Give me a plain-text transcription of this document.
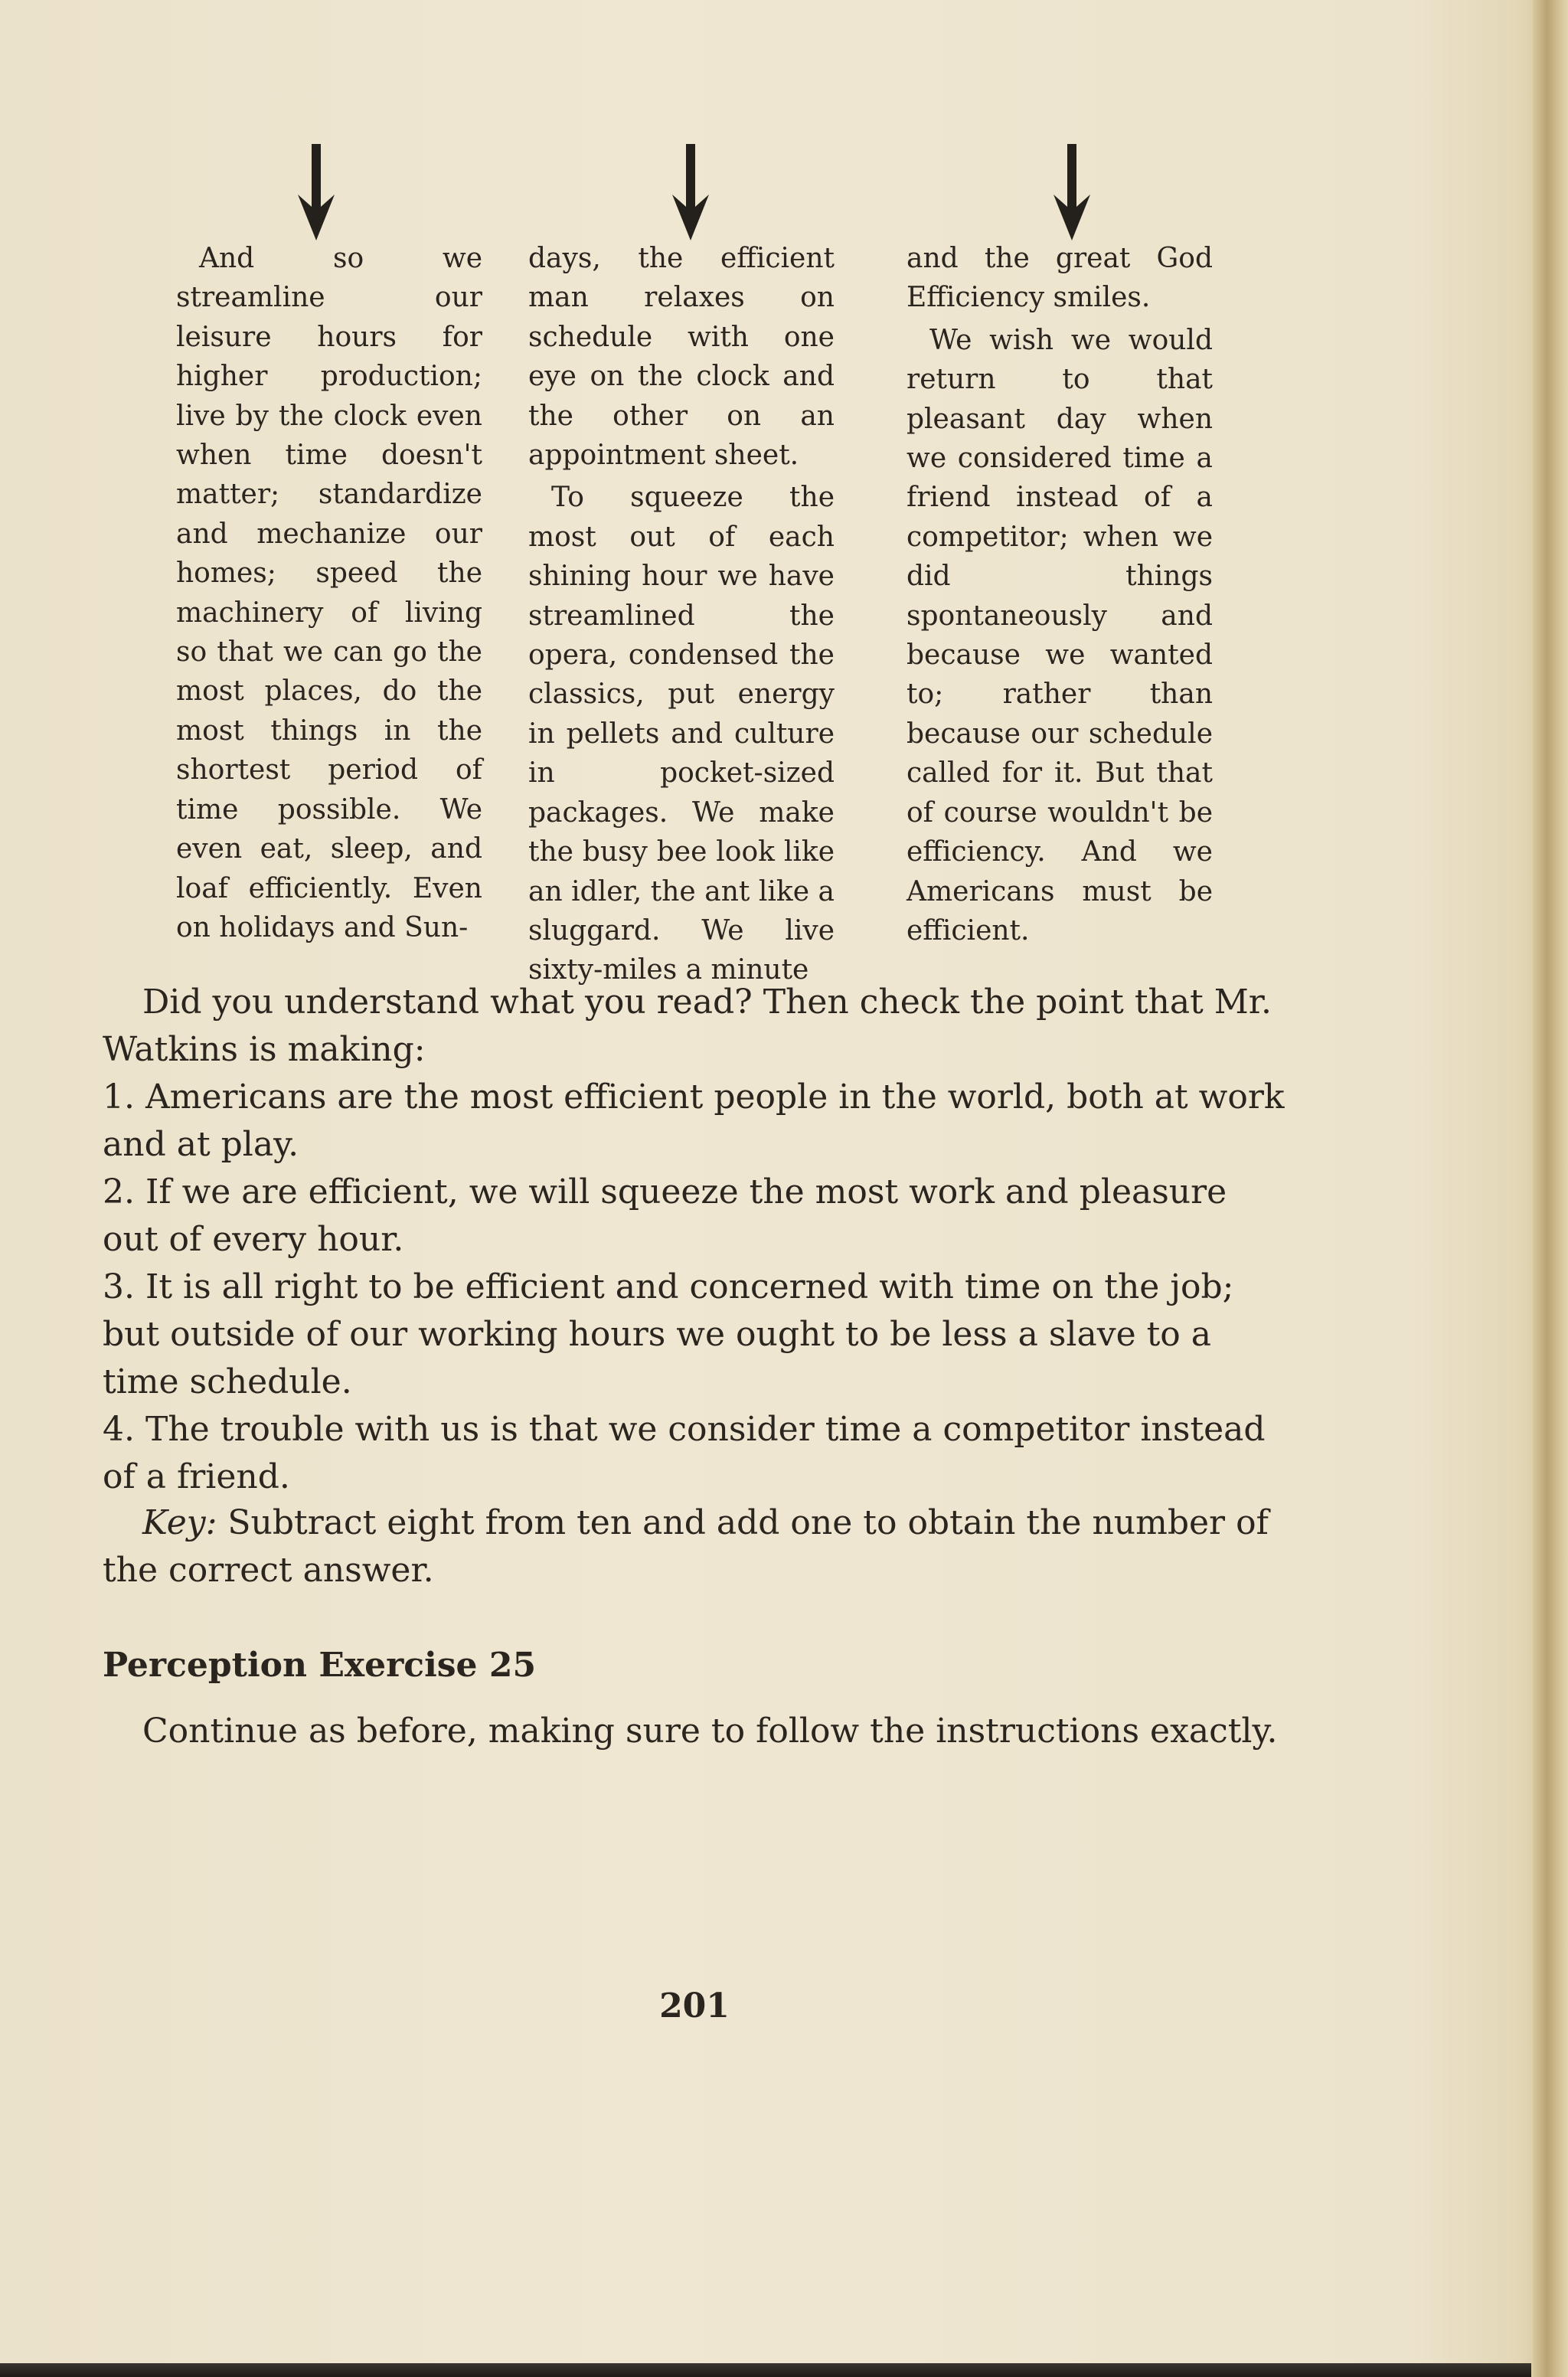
And so we streamline our leisure hours for higher production; live by the clock even when time doesn't matter; standardize and mechanize our homes; speed the machinery of living so that we can go the most places, do the most things in the shortest period of time possible. We even eat, sleep, and loaf efficiently. Even on holidays and Sun-

days, the efficient man relaxes on schedule with one eye on the clock and the other on an appointment sheet.

To squeeze the most out of each shining hour we have streamlined the opera, condensed the classics, put energy in pellets and culture in pocket-sized packages. We make the busy bee look like an idler, the ant like a sluggard. We live sixty-miles a minute

and the great God Efficiency smiles.

We wish we would return to that pleasant day when we considered time a friend instead of a competitor; when we did things spontaneously and because we wanted to; rather than because our schedule called for it. But that of course wouldn't be efficiency. And we Americans must be efficient.

Did you understand what you read? Then check the point that Mr. Watkins is making:

1. Americans are the most efficient people in the world, both at work and at play.

2. If we are efficient, we will squeeze the most work and pleasure out of every hour.

3. It is all right to be efficient and concerned with time on the job; but outside of our working hours we ought to be less a slave to a time schedule.

4. The trouble with us is that we consider time a competitor instead of a friend.

Key: Subtract eight from ten and add one to obtain the number of the correct answer.

Perception Exercise 25

Continue as before, making sure to follow the instructions exactly.

201
